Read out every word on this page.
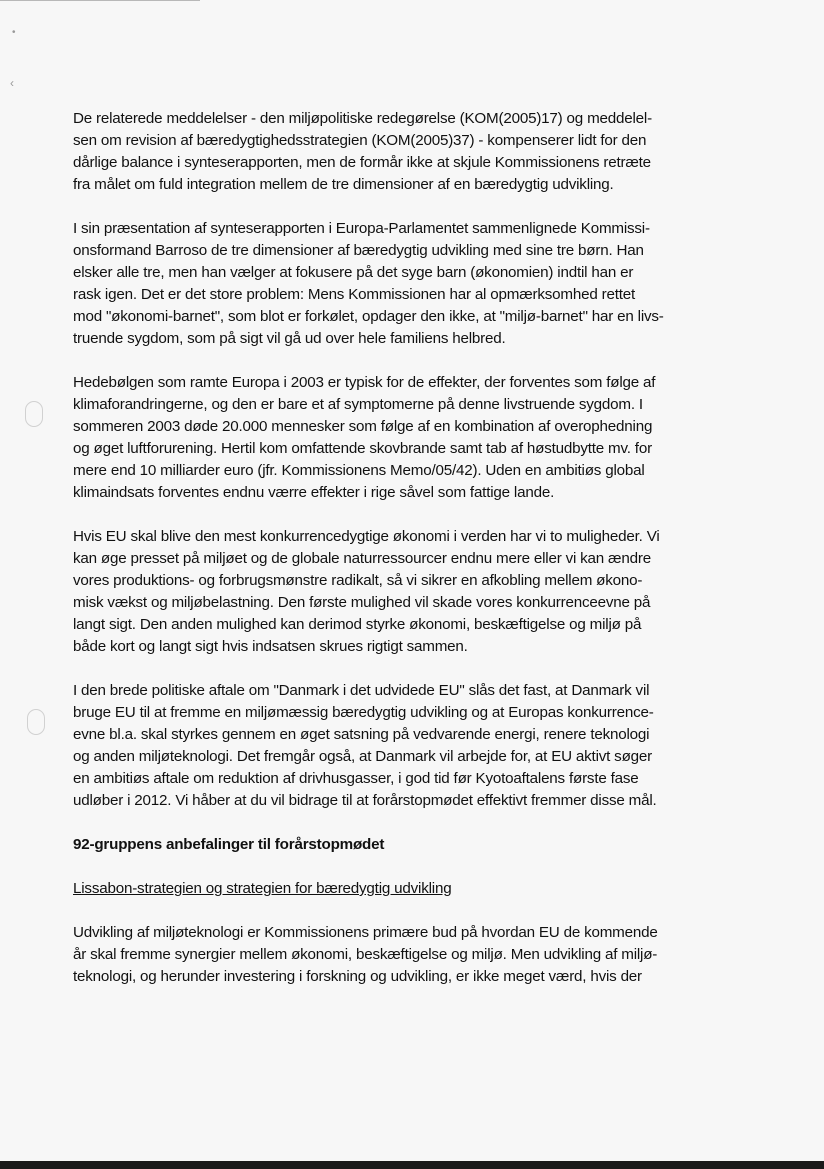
•
‹

De relaterede meddelelser - den miljøpolitiske redegørelse (KOM(2005)17) og meddelel-
sen om revision af bæredygtighedsstrategien (KOM(2005)37) - kompenserer lidt for den
dårlige balance i synteserapporten, men de formår ikke at skjule Kommissionens retræte
fra målet om fuld integration mellem de tre dimensioner af en bæredygtig udvikling.

I sin præsentation af synteserapporten i Europa-Parlamentet sammenlignede Kommissi-
onsformand Barroso de tre dimensioner af bæredygtig udvikling med sine tre børn. Han
elsker alle tre, men han vælger at fokusere på det syge barn (økonomien) indtil han er
rask igen. Det er det store problem: Mens Kommissionen har al opmærksomhed rettet
mod "økonomi-barnet", som blot er forkølet, opdager den ikke, at "miljø-barnet" har en livs-
truende sygdom, som på sigt vil gå ud over hele familiens helbred.

Hedebølgen som ramte Europa i 2003 er typisk for de effekter, der forventes som følge af
klimaforandringerne, og den er bare et af symptomerne på denne livstruende sygdom. I
sommeren 2003 døde 20.000 mennesker som følge af en kombination af overophedning
og øget luftforurening. Hertil kom omfattende skovbrande samt tab af høstudbytte mv. for
mere end 10 milliarder euro (jfr. Kommissionens Memo/05/42). Uden en ambitiøs global
klimaindsats forventes endnu værre effekter i rige såvel som fattige lande.

Hvis EU skal blive den mest konkurrencedygtige økonomi i verden har vi to muligheder. Vi
kan øge presset på miljøet og de globale naturressourcer endnu mere eller vi kan ændre
vores produktions- og forbrugsmønstre radikalt, så vi sikrer en afkobling mellem økono-
misk vækst og miljøbelastning. Den første mulighed vil skade vores konkurrenceevne på
langt sigt. Den anden mulighed kan derimod styrke økonomi, beskæftigelse og miljø på
både kort og langt sigt hvis indsatsen skrues rigtigt sammen.

I den brede politiske aftale om "Danmark i det udvidede EU" slås det fast, at Danmark vil
bruge EU til at fremme en miljømæssig bæredygtig udvikling og at Europas konkurrence-
evne bl.a. skal styrkes gennem en øget satsning på vedvarende energi, renere teknologi
og anden miljøteknologi. Det fremgår også, at Danmark vil arbejde for, at EU aktivt søger
en ambitiøs aftale om reduktion af drivhusgasser, i god tid før Kyotoaftalens første fase
udløber i 2012. Vi håber at du vil bidrage til at forårstopmødet effektivt fremmer disse mål.

92-gruppens anbefalinger til forårstopmødet
Lissabon-strategien og strategien for bæredygtig udvikling

Udvikling af miljøteknologi er Kommissionens primære bud på hvordan EU de kommende
år skal fremme synergier mellem økonomi, beskæftigelse og miljø. Men udvikling af miljø-
teknologi, og herunder investering i forskning og udvikling, er ikke meget værd, hvis der
